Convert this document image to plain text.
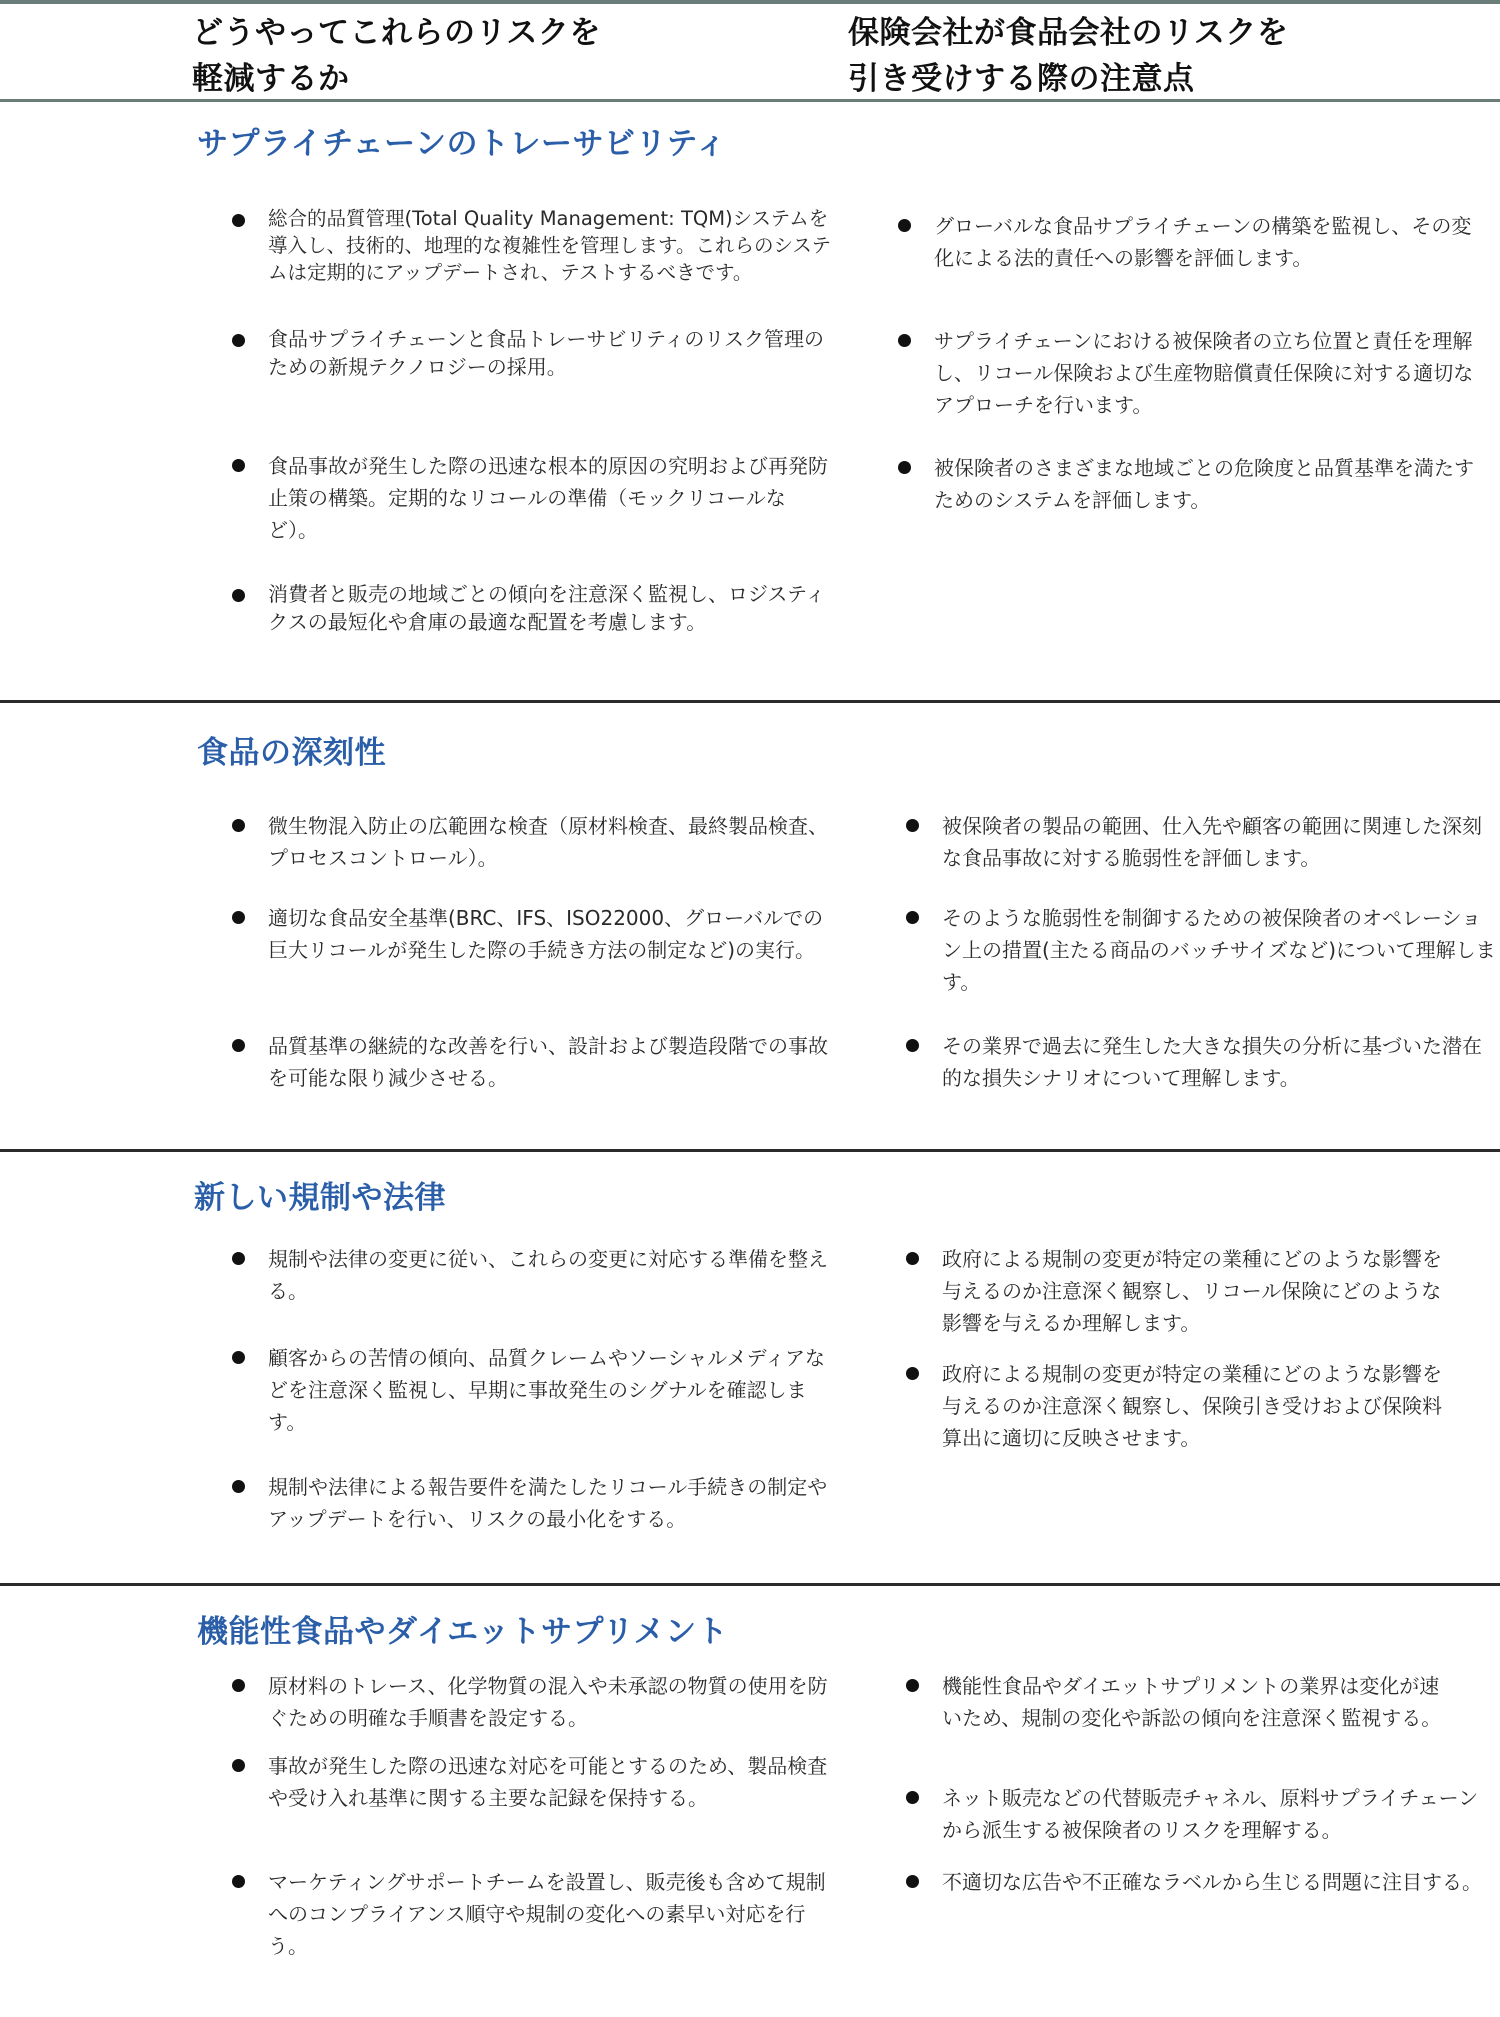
どうやってこれらのリスクを
軽減するか
保険会社が食品会社のリスクを
引き受けする際の注意点
サプライチェーンのトレーサビリティ
総合的品質管理(Total Quality Management: TQM)システムを導入し、技術的、地理的な複雑性を管理します。これらのシステムは定期的にアップデートされ、テストするべきです。
食品サプライチェーンと食品トレーサビリティのリスク管理のための新規テクノロジーの採用。
食品事故が発生した際の迅速な根本的原因の究明および再発防止策の構築。定期的なリコールの準備（モックリコールなど）。
消費者と販売の地域ごとの傾向を注意深く監視し、ロジスティクスの最短化や倉庫の最適な配置を考慮します。
グローバルな食品サプライチェーンの構築を監視し、その変化による法的責任への影響を評価します。
サプライチェーンにおける被保険者の立ち位置と責任を理解し、リコール保険および生産物賠償責任保険に対する適切なアプローチを行います。
被保険者のさまざまな地域ごとの危険度と品質基準を満たすためのシステムを評価します。
食品の深刻性
微生物混入防止の広範囲な検査（原材料検査、最終製品検査、プロセスコントロール）。
適切な食品安全基準(BRC、IFS、ISO22000、グローバルでの巨大リコールが発生した際の手続き方法の制定など)の実行。
品質基準の継続的な改善を行い、設計および製造段階での事故を可能な限り減少させる。
被保険者の製品の範囲、仕入先や顧客の範囲に関連した深刻な食品事故に対する脆弱性を評価します。
そのような脆弱性を制御するための被保険者のオペレーション上の措置(主たる商品のバッチサイズなど)について理解します。
その業界で過去に発生した大きな損失の分析に基づいた潜在的な損失シナリオについて理解します。
新しい規制や法律
規制や法律の変更に従い、これらの変更に対応する準備を整える。
顧客からの苦情の傾向、品質クレームやソーシャルメディアなどを注意深く監視し、早期に事故発生のシグナルを確認します。
規制や法律による報告要件を満たしたリコール手続きの制定やアップデートを行い、リスクの最小化をする。
政府による規制の変更が特定の業種にどのような影響を与えるのか注意深く観察し、リコール保険にどのような影響を与えるか理解します。
政府による規制の変更が特定の業種にどのような影響を与えるのか注意深く観察し、保険引き受けおよび保険料算出に適切に反映させます。
機能性食品やダイエットサプリメント
原材料のトレース、化学物質の混入や未承認の物質の使用を防ぐための明確な手順書を設定する。
事故が発生した際の迅速な対応を可能とするのため、製品検査や受け入れ基準に関する主要な記録を保持する。
マーケティングサポートチームを設置し、販売後も含めて規制へのコンプライアンス順守や規制の変化への素早い対応を行う。
機能性食品やダイエットサプリメントの業界は変化が速いため、規制の変化や訴訟の傾向を注意深く監視する。
ネット販売などの代替販売チャネル、原料サプライチェーンから派生する被保険者のリスクを理解する。
不適切な広告や不正確なラベルから生じる問題に注目する。
